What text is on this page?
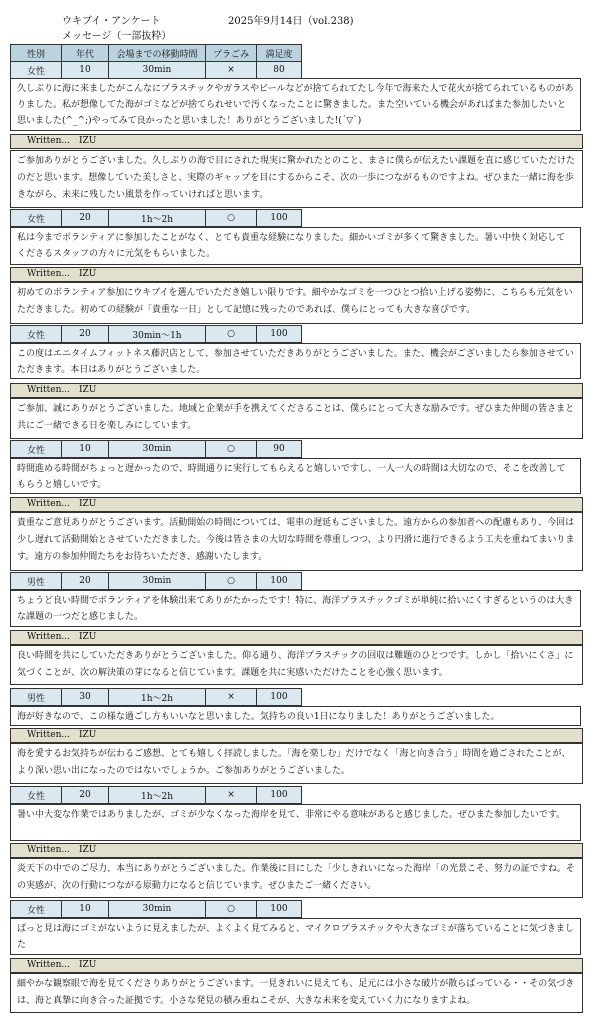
ウキブイ・アンケート	2025年9月14日（vol.238)
メッセージ（一部抜粋）
性別	年代	会場までの移動時間	プラごみ	満足度
女性	10	30min	×	80
久しぶりに海に来ましたがこんなにプラスチックやガラスやビールなどが捨てられてたし今年で海来た人で花火が捨てられているものがありました。私が想像してた海がゴミなどが捨てられせいで汚くなったことに驚きました。また空いている機会があればまた参加したいと思いました(^_^;)やってみて良かったと思いました！ありがとうございました!(´▽`)
Written...　IZU
ご参加ありがとうございました。久しぶりの海で目にされた現実に驚かれたとのこと、まさに僕らが伝えたい課題を直に感じていただけたのだと思います。想像していた美しさと、実際のギャップを目にするからこそ、次の一歩につながるものですよね。ぜひまた一緒に海を歩きながら、未来に残したい風景を作っていければと思います。
女性	20	1h～2h	○	100
私は今までボランティアに参加したことがなく、とても貴重な経験になりました。細かいゴミが多くて驚きました。暑い中快く対応してくださるスタッフの方々に元気をもらいました。
Written...　IZU
初めてのボランティア参加にウキブイを選んでいただき嬉しい限りです。細やかなゴミを一つひとつ拾い上げる姿勢に、こちらも元気をいただきました。初めての経験が「貴重な一日」として記憶に残ったのであれば、僕らにとっても大きな喜びです。
女性	20	30min～1h	○	100
この度はエニタイムフィットネス藤沢店として、参加させていただきありがとうございました。また、機会がございましたら参加させていただきます。本日はありがとうございました。
Written...　IZU
ご参加、誠にありがとうございました。地域と企業が手を携えてくださることは、僕らにとって大きな励みです。ぜひまた仲間の皆さまと共にご一緒できる日を楽しみにしています。
女性	10	30min	○	90
時間進める時間がちょっと遅かったので、時間通りに実行してもらえると嬉しいですし、一人一人の時間は大切なので、そこを改善してもらうと嬉しいです。
Written...　IZU
貴重なご意見ありがとうございます。活動開始の時間については、電車の遅延もございました。遠方からの参加者への配慮もあり、今回は少し遅れて活動開始とさせていただきました。今後は皆さまの大切な時間を尊重しつつ、より円滑に進行できるよう工夫を重ねてまいります。遠方の参加仲間たちをお待ちいただき、感謝いたします。
男性	20	30min	○	100
ちょうど良い時間でボランティアを体験出来てありがたかったです！特に、海洋プラスチックゴミが単純に拾いにくすぎるというのは大きな課題の一つだと感じました。
Written...　IZU
良い時間を共にしていただきありがとうございました。仰る通り、海洋プラスチックの回収は難題のひとつです。しかし「拾いにくさ」に気づくことが、次の解決策の芽になると信じています。課題を共に実感いただけたことを心強く思います。
男性	30	1h～2h	×	100
海が好きなので、この様な過ごし方もいいなと思いました。気持ちの良い1日になりました！ありがとうございました。
Written...　IZU
海を愛するお気持ちが伝わるご感想、とても嬉しく拝読しました。「海を楽しむ」だけでなく「海と向き合う」時間を過ごされたことが、より深い思い出になったのではないでしょうか。ご参加ありがとうございました。
女性	20	1h～2h	×	100
暑い中大変な作業ではありましたが、ゴミが少なくなった海岸を見て、非常にやる意味があると感じました。ぜひまた参加したいです。
Written...　IZU
炎天下の中でのご尽力、本当にありがとうございました。作業後に目にした「少しきれいになった海岸「の光景こそ、努力の証ですね。その実感が、次の行動につながる原動力になると信じています。ぜひまたご一緒ください。
女性	10	30min	○	100
ぱっと見は海にゴミがないように見えましたが、よくよく見てみると、マイクロプラスチックや大きなゴミが落ちていることに気づきました
Written...　IZU
細やかな観察眼で海を見てくださりありがとうございます。一見きれいに見えても、足元には小さな破片が散らばっている・・その気づきは、海と真摯に向き合った証拠です。小さな発見の積み重ねこそが、大きな未来を変えていく力になりますよね。
